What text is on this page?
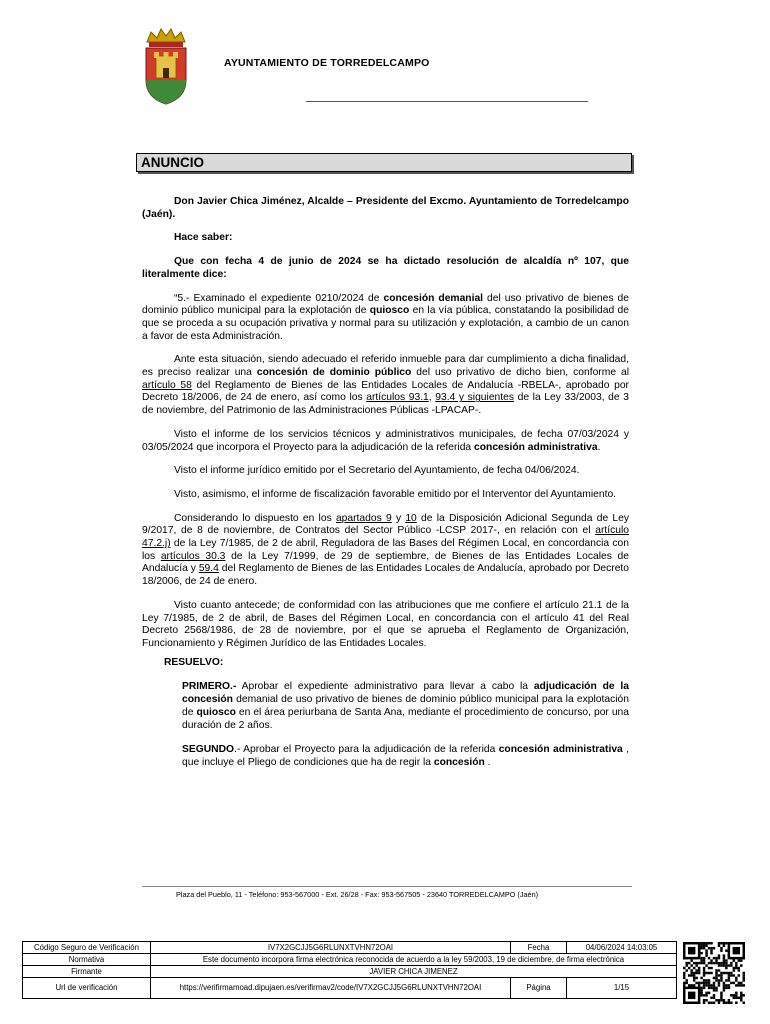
AYUNTAMIENTO DE TORREDELCAMPO
ANUNCIO

Don Javier Chica Jiménez, Alcalde – Presidente del Excmo. Ayuntamiento de Torredelcampo (Jaén).

Hace saber:

Que con fecha 4 de junio de 2024 se ha dictado resolución de alcaldía nº 107, que literalmente dice:

“5.- Examinado el expediente 0210/2024 de concesión demanial del uso privativo de bienes de dominio público municipal para la explotación de quiosco en la vía pública, constatando la posibilidad de que se proceda a su ocupación privativa y normal para su utilización y explotación, a cambio de un canon a favor de esta Administración.

Ante esta situación, siendo adecuado el referido inmueble para dar cumplimiento a dicha finalidad, es preciso realizar una concesión de dominio público del uso privativo de dicho bien, conforme al artículo 58 del Reglamento de Bienes de las Entidades Locales de Andalucía -RBELA-, aprobado por Decreto 18/2006, de 24 de enero, así como los artículos 93.1, 93.4 y siguientes de la Ley 33/2003, de 3 de noviembre, del Patrimonio de las Administraciones Públicas -LPACAP-.

Visto el informe de los servicios técnicos y administrativos municipales, de fecha 07/03/2024 y 03/05/2024 que incorpora el Proyecto para la adjudicación de la referida concesión administrativa.

Visto el informe jurídico emitido por el Secretario del Ayuntamiento, de fecha 04/06/2024.

Visto, asimismo, el informe de fiscalización favorable emitido por el Interventor del Ayuntamiento.

Considerando lo dispuesto en los apartados 9 y 10 de la Disposición Adicional Segunda de Ley 9/2017, de 8 de noviembre, de Contratos del Sector Público -LCSP 2017-, en relación con el artículo 47.2.j) de la Ley 7/1985, de 2 de abril, Reguladora de las Bases del Régimen Local, en concordancia con los artículos 30.3 de la Ley 7/1999, de 29 de septiembre, de Bienes de las Entidades Locales de Andalucía y 59.4 del Reglamento de Bienes de las Entidades Locales de Andalucía, aprobado por Decreto 18/2006, de 24 de enero.

Visto cuanto antecede; de conformidad con las atribuciones que me confiere el artículo 21.1 de la Ley 7/1985, de 2 de abril, de Bases del Régimen Local, en concordancia con el artículo 41 del Real Decreto 2568/1986, de 28 de noviembre, por el que se aprueba el Reglamento de Organización, Funcionamiento y Régimen Jurídico de las Entidades Locales.

RESUELVO:

PRIMERO.- Aprobar el expediente administrativo para llevar a cabo la adjudicación de la concesión demanial de uso privativo de bienes de dominio público municipal para la explotación de quiosco en el área periurbana de Santa Ana, mediante el procedimiento de concurso, por una duración de 2 años.

SEGUNDO.- Aprobar el Proyecto para la adjudicación de la referida concesión administrativa , que incluye el Pliego de condiciones que ha de regir la concesión .

Plaza del Pueblo, 11 - Teléfono: 953-567000 - Ext. 26/28 - Fax: 953-567505 - 23640 TORREDELCAMPO (Jaén)
Código Seguro de Verificación	IV7X2GCJJ5G6RLUNXTVHN72OAI	Fecha	04/06/2024 14:03:05
Normativa	Este documento incorpora firma electrónica reconocida de acuerdo a la ley 59/2003, 19 de diciembre, de firma electrónica		
Firmante	JAVIER CHICA JIMENEZ		
Url de verificación	https://verifirmamoad.dipujaen.es/verifirmav2/code/IV7X2GCJJ5G6RLUNXTVHN72OAI	Página	1/15
